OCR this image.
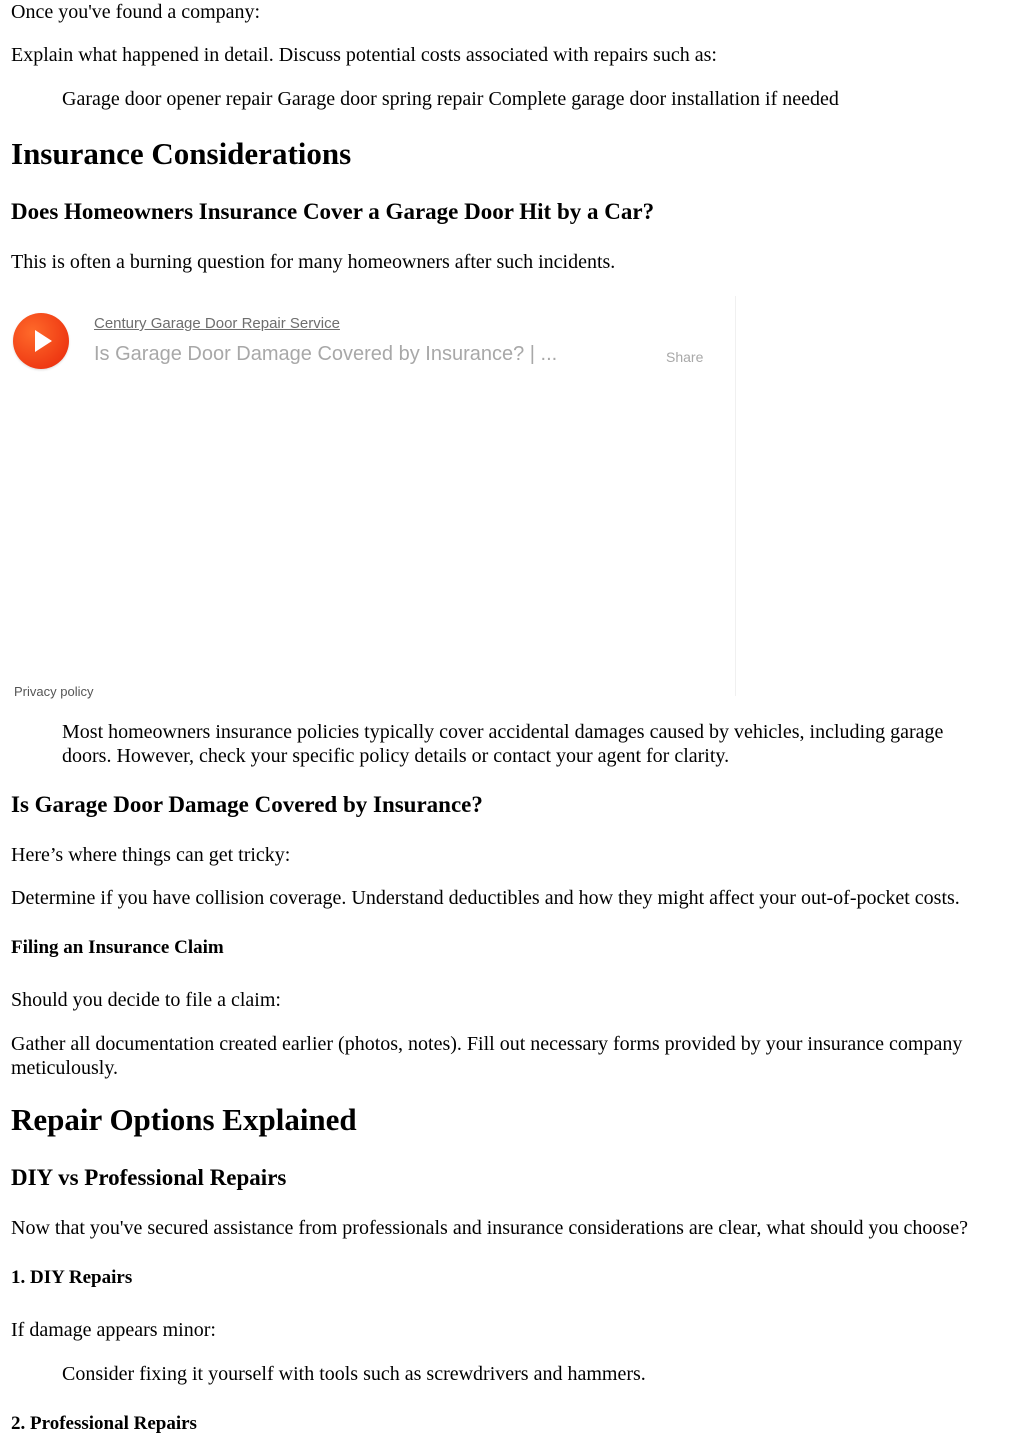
Once you've found a company:
Explain what happened in detail. Discuss potential costs associated with repairs such as:
Garage door opener repair Garage door spring repair Complete garage door installation if needed
Insurance Considerations
Does Homeowners Insurance Cover a Garage Door Hit by a Car?
This is often a burning question for many homeowners after such incidents.
Century Garage Door Repair Service
Is Garage Door Damage Covered by Insurance? | ...	Share
Privacy policy
Most homeowners insurance policies typically cover accidental damages caused by vehicles, including garage doors. However, check your specific policy details or contact your agent for clarity.
Is Garage Door Damage Covered by Insurance?
Here’s where things can get tricky:
Determine if you have collision coverage. Understand deductibles and how they might affect your out-of-pocket costs.
Filing an Insurance Claim
Should you decide to file a claim:
Gather all documentation created earlier (photos, notes). Fill out necessary forms provided by your insurance company meticulously.
Repair Options Explained
DIY vs Professional Repairs
Now that you've secured assistance from professionals and insurance considerations are clear, what should you choose?
1. DIY Repairs
If damage appears minor:
Consider fixing it yourself with tools such as screwdrivers and hammers.
2. Professional Repairs
